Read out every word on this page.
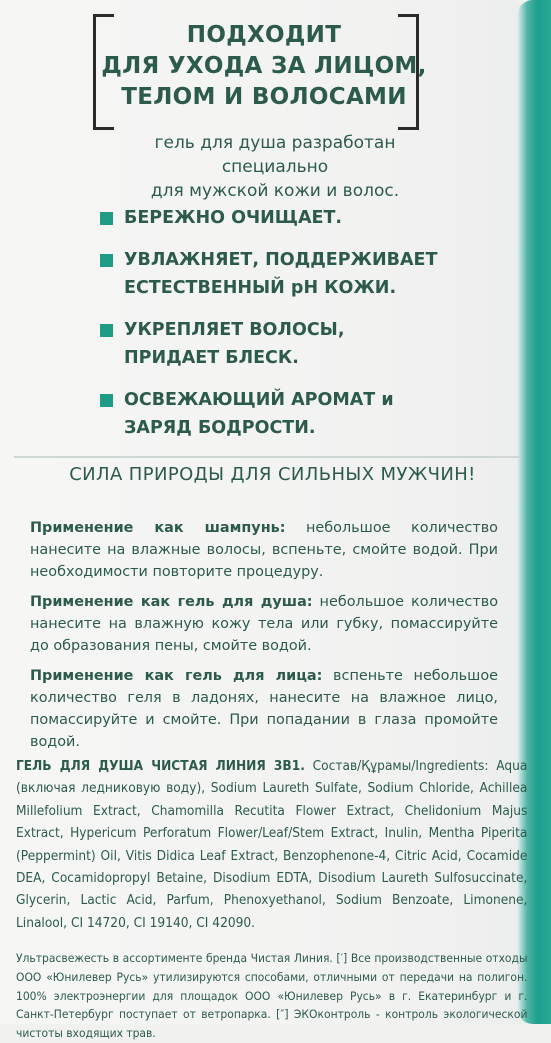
ПОДХОДИТ
ДЛЯ УХОДА ЗА ЛИЦОМ,
ТЕЛОМ И ВОЛОСАМИ
гель для душа разработан специально
для мужской кожи и волос.
БЕРЕЖНО ОЧИЩАЕТ.
УВЛАЖНЯЕТ, ПОДДЕРЖИВАЕТ
ЕСТЕСТВЕННЫЙ pH КОЖИ.
УКРЕПЛЯЕТ ВОЛОСЫ,
ПРИДАЕТ БЛЕСК.
ОСВЕЖАЮЩИЙ АРОМАТ и
ЗАРЯД БОДРОСТИ.
СИЛА ПРИРОДЫ ДЛЯ СИЛЬНЫХ МУЖЧИН!

Применение как шампунь: небольшое количество нанесите на влажные волосы, вспеньте, смойте водой. При необходимости повторите процедуру.

Применение как гель для душа: небольшое количество нанесите на влажную кожу тела или губку, помассируйте до образования пены, смойте водой.

Применение как гель для лица: вспеньте небольшое количество геля в ладонях, нанесите на влажное лицо, помассируйте и смойте. При попадании в глаза промойте водой.

ГЕЛЬ ДЛЯ ДУША ЧИСТАЯ ЛИНИЯ 3В1. Состав/Құрамы/Ingredients: Aqua (включая ледниковую воду), Sodium Laureth Sulfate, Sodium Chloride, Achillea Millefolium Extract, Chamomilla Recutita Flower Extract, Chelidonium Majus Extract, Hypericum Perforatum Flower/Leaf/Stem Extract, Inulin, Mentha Piperita (Peppermint) Oil, Vitis Didica Leaf Extract, Benzophenone-4, Citric Acid, Cocamide DEA, Cocamidopropyl Betaine, Disodium EDTA, Disodium Laureth Sulfosuccinate, Glycerin, Lactic Acid, Parfum, Phenoxyethanol, Sodium Benzoate, Limonene, Linalool, CI 14720, CI 19140, CI 42090.
Ультрасвежесть в ассортименте бренда Чистая Линия. [′] Все производственные отходы ООО «Юнилевер Русь» утилизируются способами, отличными от передачи на полигон. 100% электроэнергии для площадок ООО «Юнилевер Русь» в г. Екатеринбург и г. Санкт-Петербург поступает от ветропарка. [″] ЭКОконтроль - контроль экологической чистоты входящих трав.
